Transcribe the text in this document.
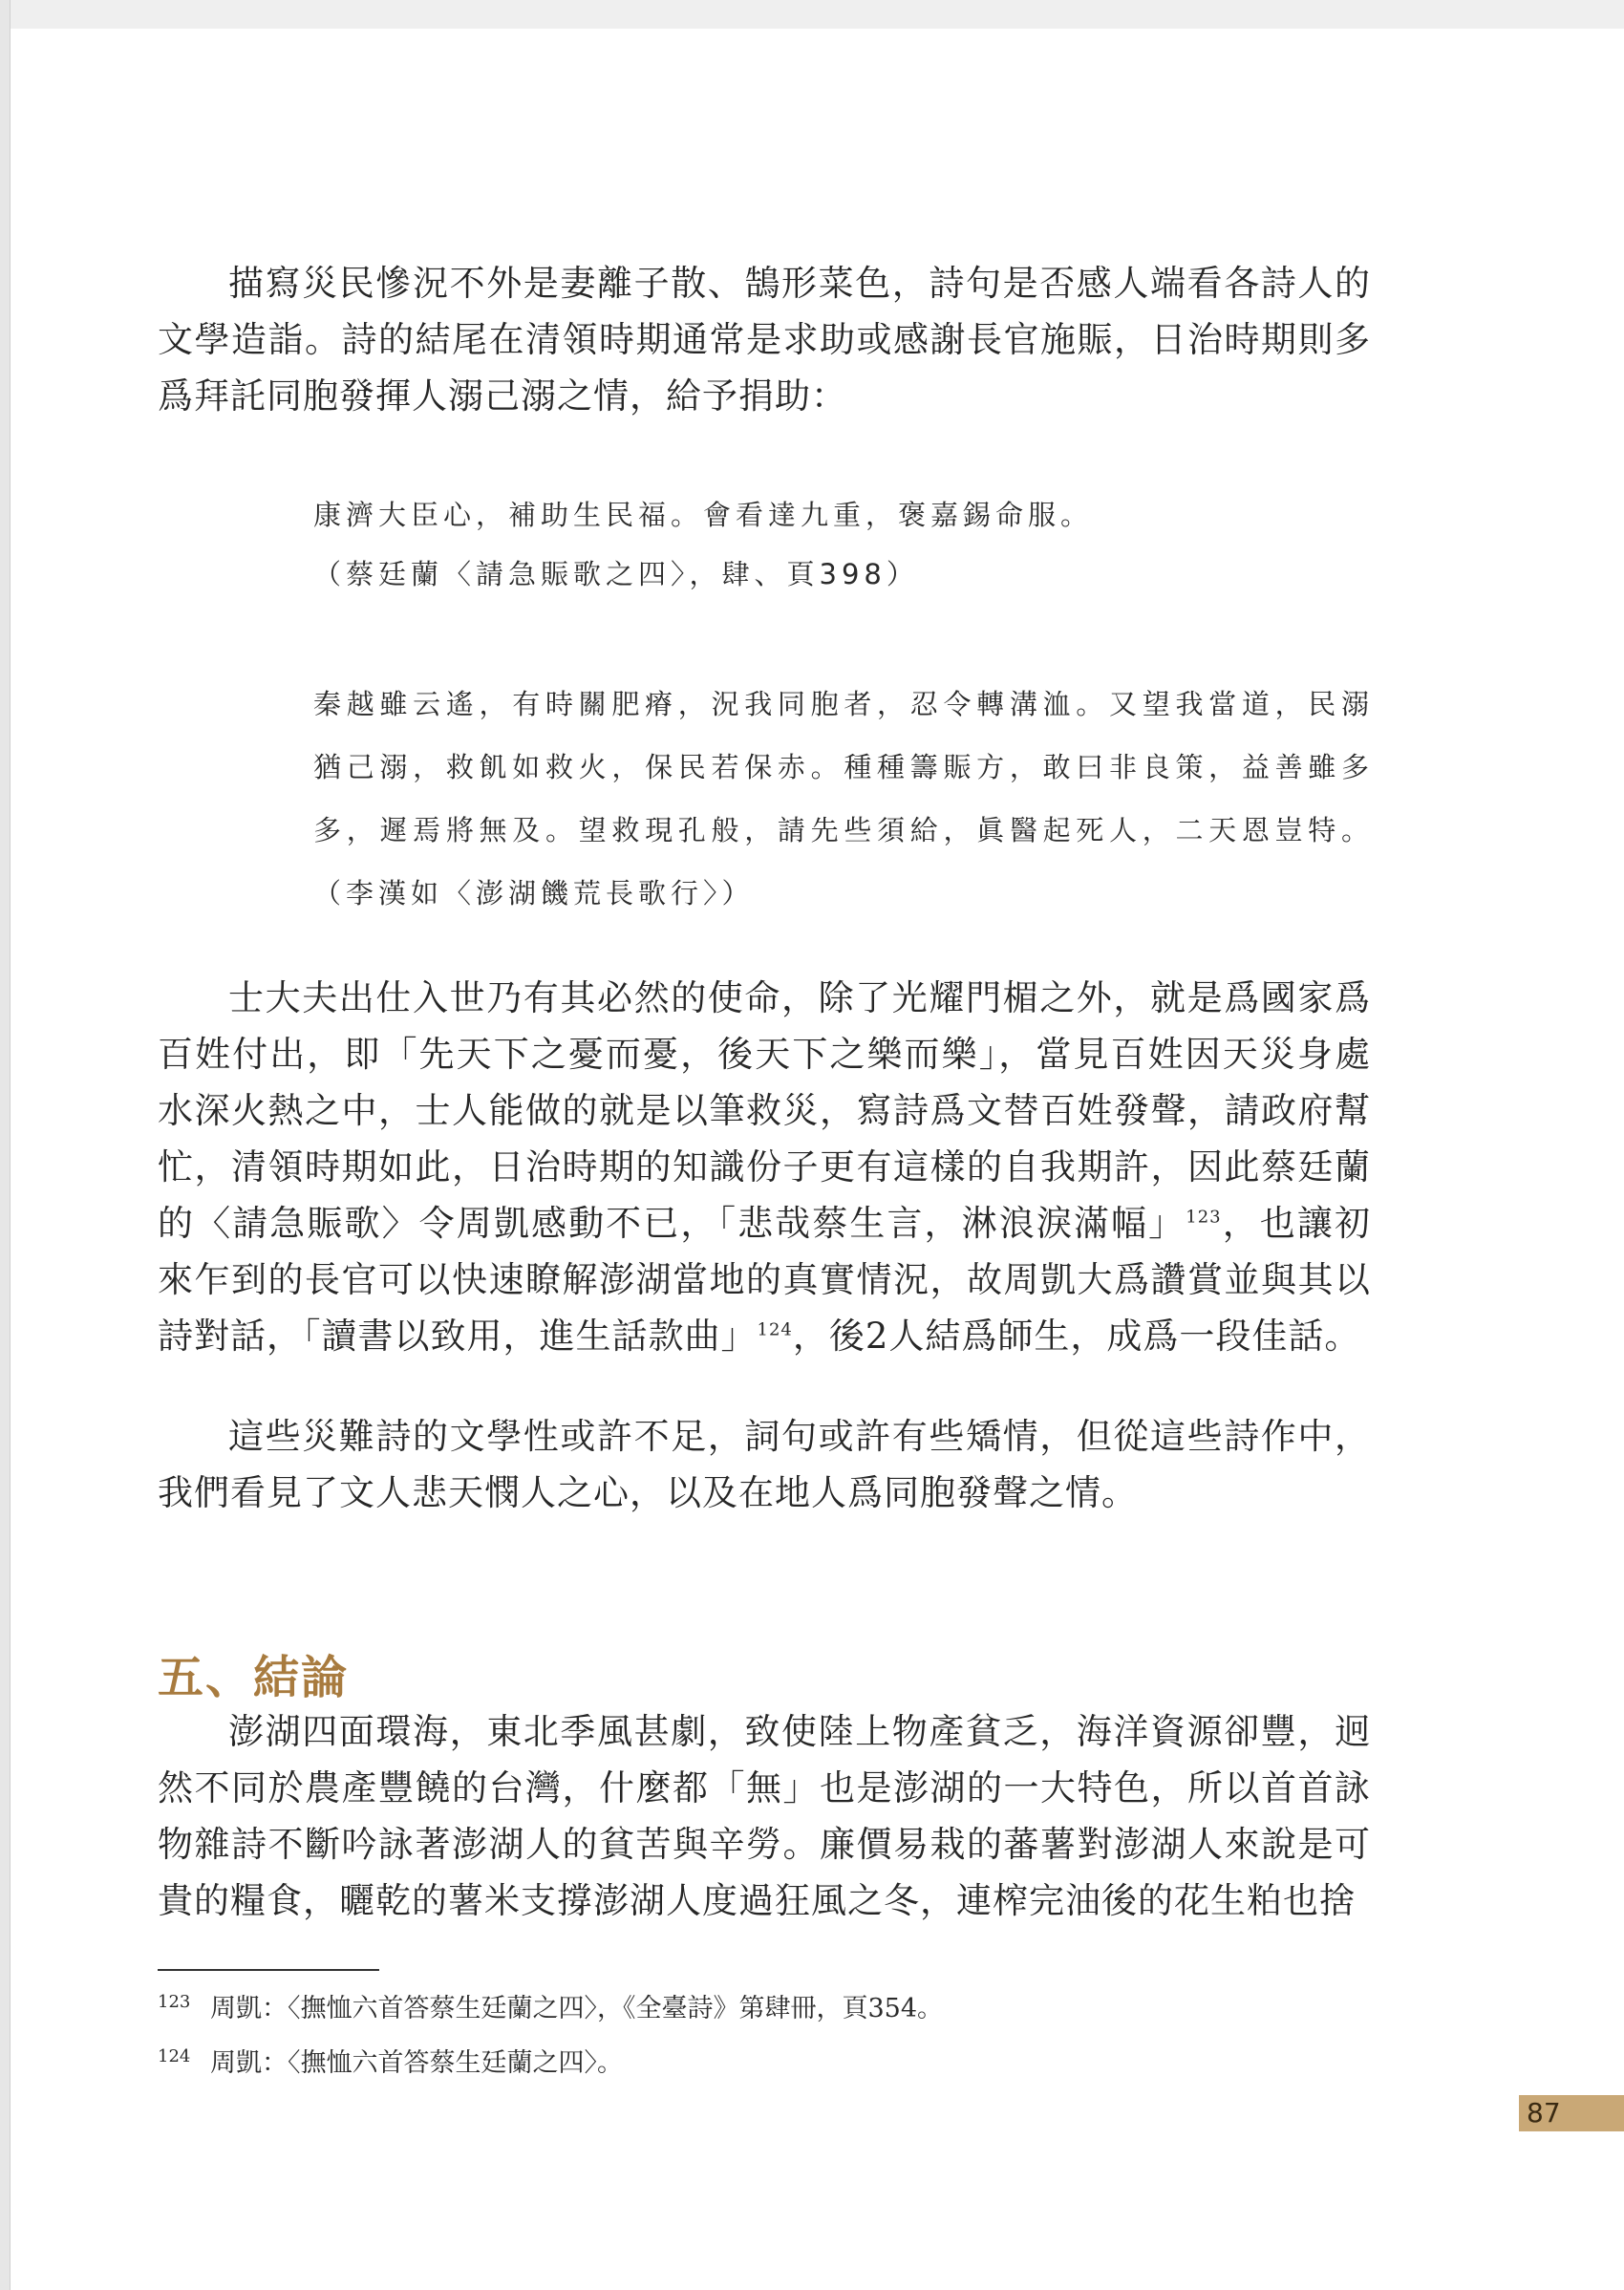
描寫災民慘況不外是妻離子散、鵠形菜色，詩句是否感人端看各詩人的文學造詣。詩的結尾在清領時期通常是求助或感謝長官施賑，日治時期則多爲拜託同胞發揮人溺己溺之情，給予捐助：

康濟大臣心，補助生民福。會看達九重，褒嘉錫命服。
（蔡廷蘭〈請急賑歌之四〉，肆、頁398）

秦越雖云遙，有時關肥瘠，況我同胞者，忍令轉溝洫。又望我當道，民溺猶己溺，救飢如救火，保民若保赤。種種籌賑方，敢曰非良策，益善雖多多，遲焉將無及。望救現孔般，請先些須給，眞醫起死人，二天恩豈特。（李漢如〈澎湖饑荒長歌行〉）

士大夫出仕入世乃有其必然的使命，除了光耀門楣之外，就是爲國家爲百姓付出，即「先天下之憂而憂，後天下之樂而樂」，當見百姓因天災身處水深火熱之中，士人能做的就是以筆救災，寫詩爲文替百姓發聲，請政府幫忙，清領時期如此，日治時期的知識份子更有這樣的自我期許，因此蔡廷蘭的〈請急賑歌〉令周凱感動不已，「悲哉蔡生言，淋浪淚滿幅」$^{123}$，也讓初來乍到的長官可以快速瞭解澎湖當地的真實情況，故周凱大爲讚賞並與其以詩對話，「讀書以致用，進生話款曲」$^{124}$，後2人結爲師生，成爲一段佳話。

這些災難詩的文學性或許不足，詞句或許有些矯情，但從這些詩作中，我們看見了文人悲天憫人之心，以及在地人爲同胞發聲之情。

五、結論

澎湖四面環海，東北季風甚劇，致使陸上物產貧乏，海洋資源卻豐，迥然不同於農產豐饒的台灣，什麼都「無」也是澎湖的一大特色，所以首首詠物雜詩不斷吟詠著澎湖人的貧苦與辛勞。廉價易栽的蕃薯對澎湖人來說是可貴的糧食，曬乾的薯米支撐澎湖人度過狂風之冬，連榨完油後的花生粕也捨

123 周凱：〈撫恤六首答蔡生廷蘭之四〉，《全臺詩》第肆冊，頁354。

124 周凱：〈撫恤六首答蔡生廷蘭之四〉。

87
